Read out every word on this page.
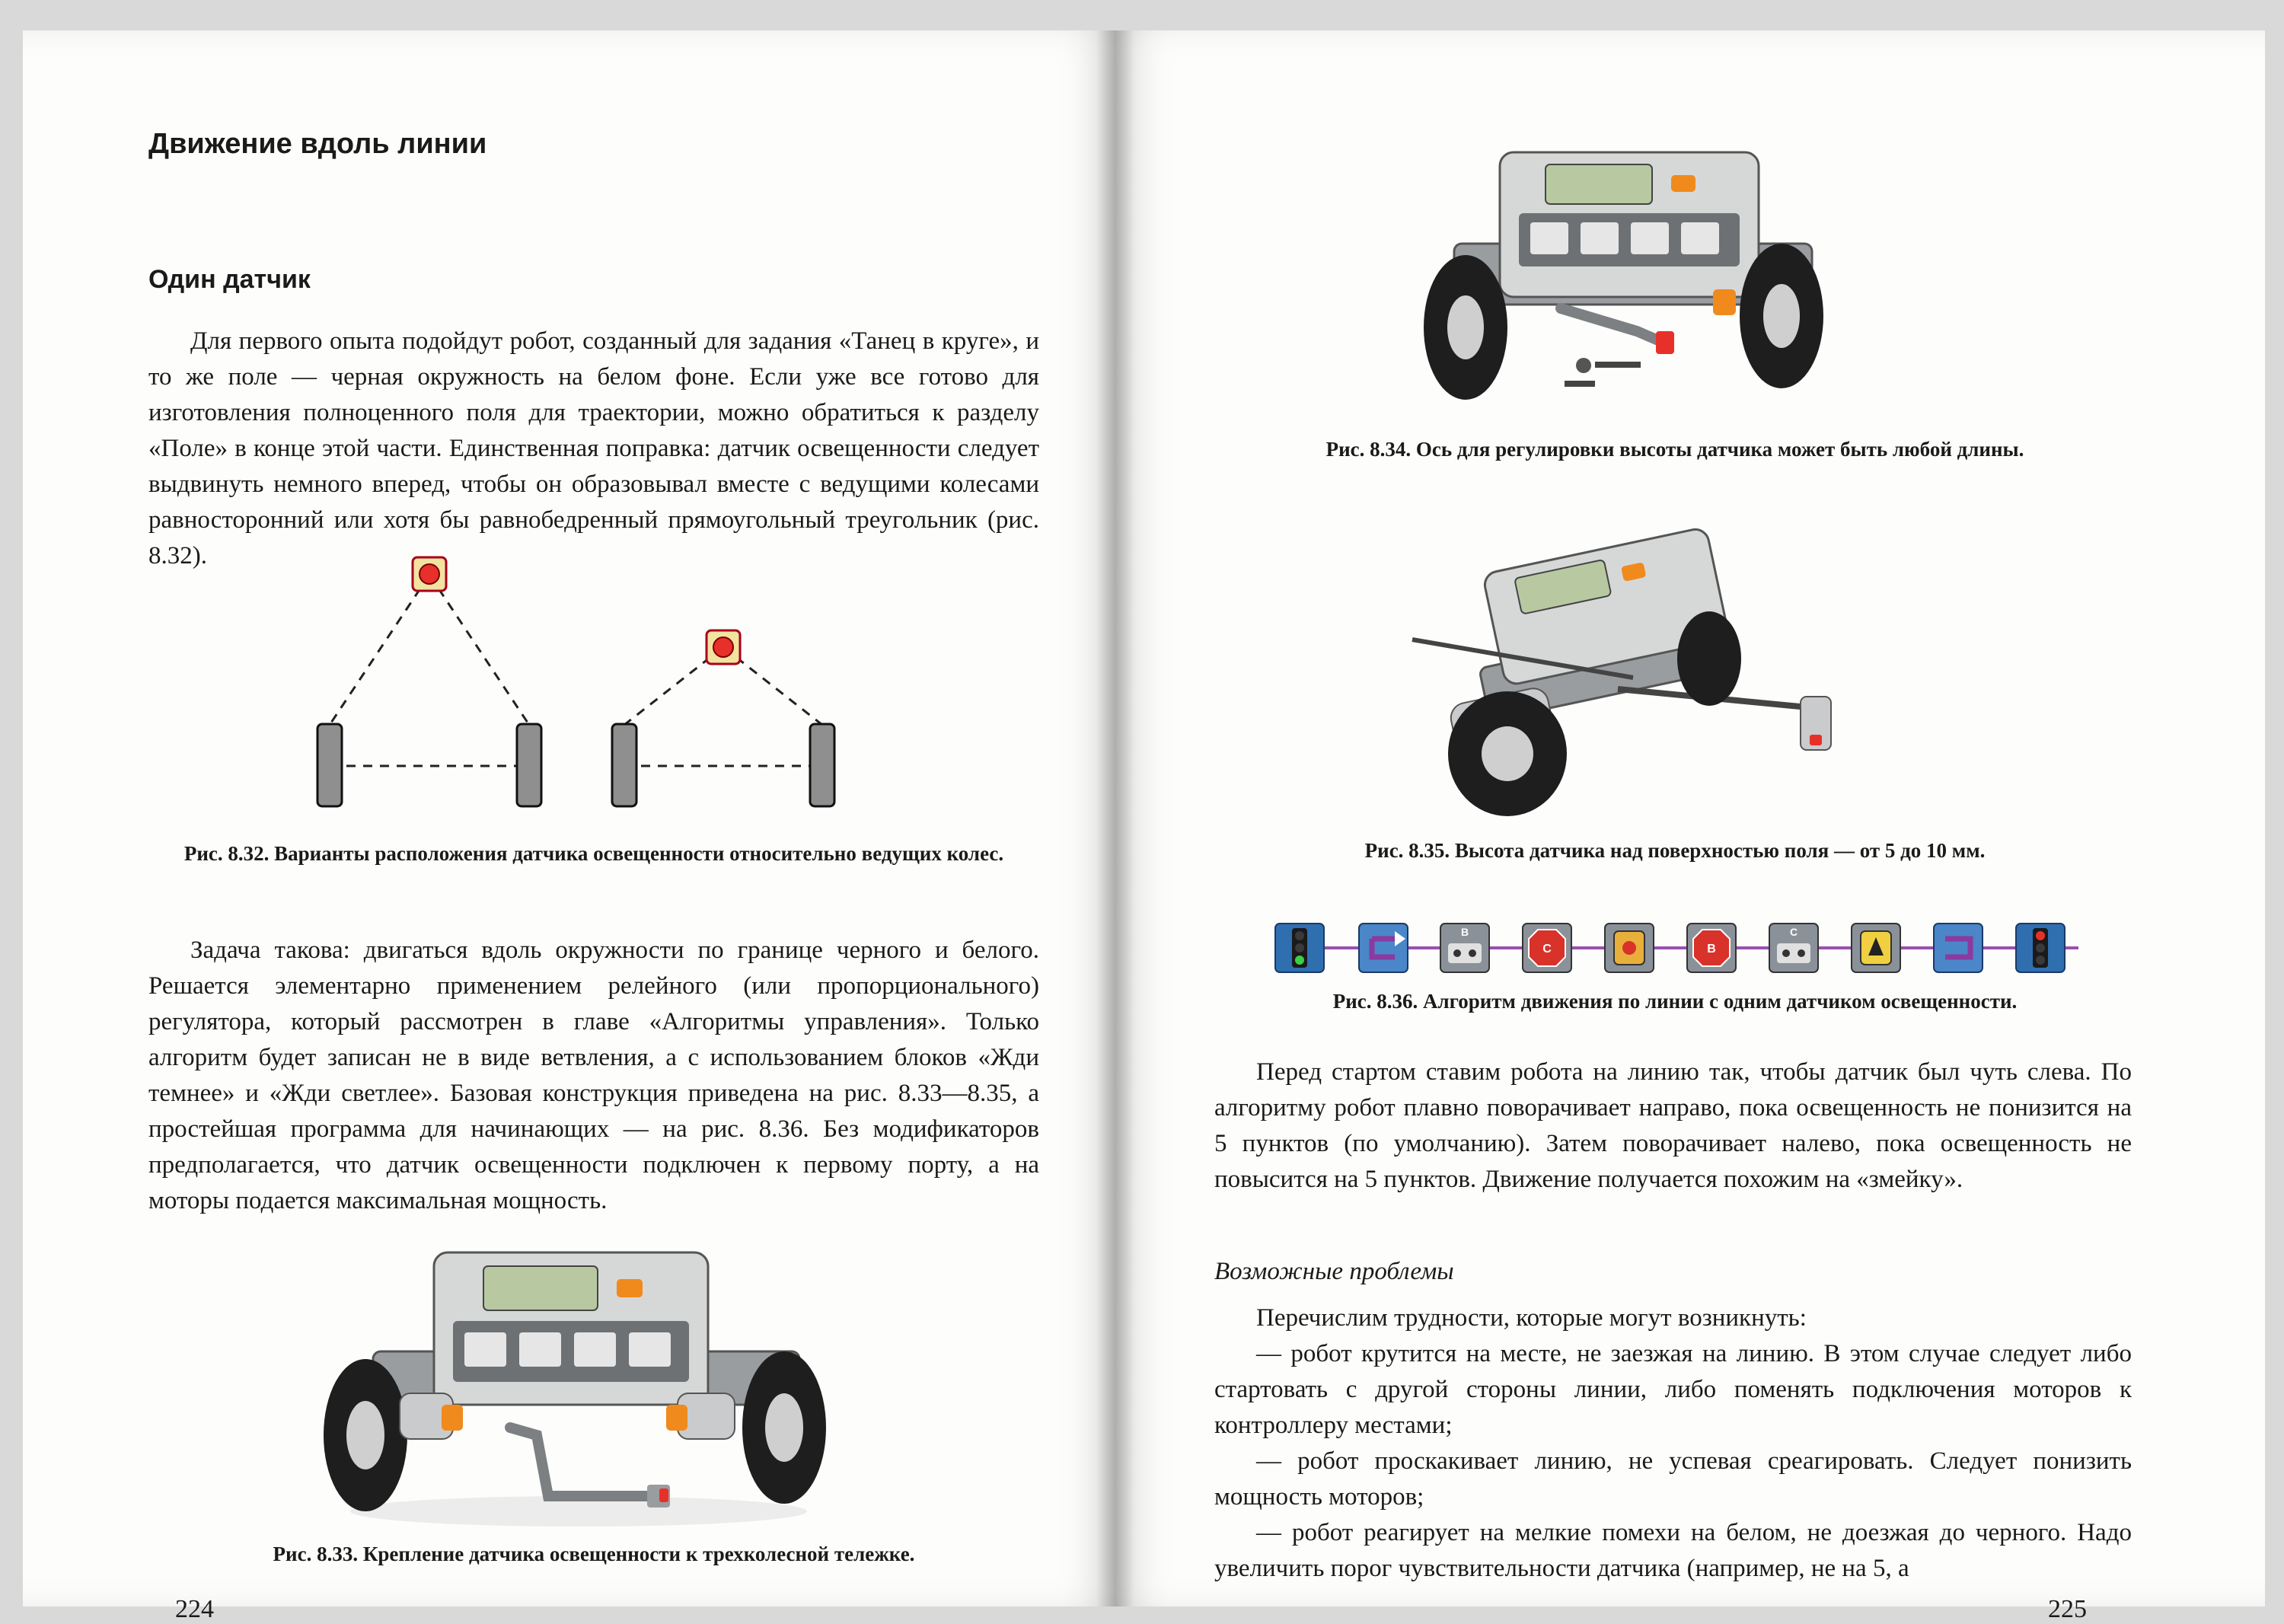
Движение вдоль линии
Один датчик
Для первого опыта подойдут робот, созданный для задания «Танец в круге», и то же поле — черная окружность на белом фоне. Если уже все готово для изготовления полноценного поля для траектории, можно обратиться к разделу «Поле» в конце этой части. Единственная поправка: датчик освещенности следует выдвинуть немного вперед, чтобы он образовывал вместе с ведущими колесами равносторонний или хотя бы равнобедренный прямоугольный треугольник (рис. 8.32).
Рис. 8.32. Варианты расположения датчика освещенности относительно ведущих колес.
Задача такова: двигаться вдоль окружности по границе черного и белого. Решается элементарно применением релейного (или пропорционального) регулятора, который рассмотрен в главе «Алгоритмы управления». Только алгоритм будет записан не в виде ветвления, а с использованием блоков «Жди темнее» и «Жди светлее». Базовая конструкция приведена на рис. 8.33—8.35, а простейшая программа для начинающих — на рис. 8.36. Без модификаторов предполагается, что датчик освещенности подключен к первому порту, а на моторы подается максимальная мощность.
Рис. 8.33. Крепление датчика освещенности к трехколесной тележке.
224
Рис. 8.34. Ось для регулировки высоты датчика может быть любой длины.
Рис. 8.35. Высота датчика над поверхностью поля — от 5 до 10 мм.
B
C	B
C
Рис. 8.36. Алгоритм движения по линии с одним датчиком освещенности.
Перед стартом ставим робота на линию так, чтобы датчик был чуть слева. По алгоритму робот плавно поворачивает направо, пока освещенность не понизится на 5 пунктов (по умолчанию). Затем поворачивает налево, пока освещенность не повысится на 5 пунктов. Движение получается похожим на «змейку».
Возможные проблемы

Перечислим трудности, которые могут возникнуть:

— робот крутится на месте, не заезжая на линию. В этом случае следует либо стартовать с другой стороны линии, либо поменять подключения моторов к контроллеру местами;

— робот проскакивает линию, не успевая среагировать. Следует понизить мощность моторов;

— робот реагирует на мелкие помехи на белом, не доезжая до черного. Надо увеличить порог чувствительности датчика (например, не на 5, а

225
